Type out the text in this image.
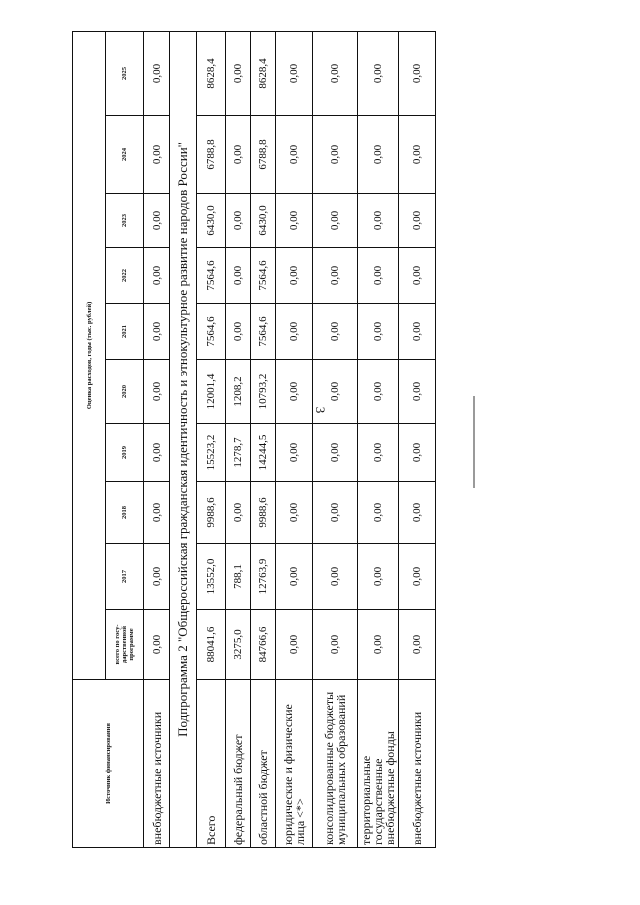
3
Источник финансирования	Оценка расходов, годы (тыс. рублей)									
	всего по госу-дарственной программе	2017	2018	2019	2020	2021	2022	2023	2024	2025
внебюджетные источники	0,00	0,00	0,00	0,00	0,00	0,00	0,00	0,00	0,00	0,00
Подпрограмма 2 "Общероссийская гражданская идентичность и этнокультурное развитие народов России"										
Всего	88041,6	13552,0	9988,6	15523,2	12001,4	7564,6	7564,6	6430,0	6788,8	8628,4
федеральный бюджет	3275,0	788,1	0,00	1278,7	1208,2	0,00	0,00	0,00	0,00	0,00
областной бюджет	84766,6	12763,9	9988,6	14244,5	10793,2	7564,6	7564,6	6430,0	6788,8	8628,4
юридические и физические лица <*>	0,00	0,00	0,00	0,00	0,00	0,00	0,00	0,00	0,00	0,00
консолидированные бюджеты муниципальных образований	0,00	0,00	0,00	0,00	0,00	0,00	0,00	0,00	0,00	0,00
территориальные государственные внебюджетные фонды	0,00	0,00	0,00	0,00	0,00	0,00	0,00	0,00	0,00	0,00
внебюджетные источники	0,00	0,00	0,00	0,00	0,00	0,00	0,00	0,00	0,00	0,00
